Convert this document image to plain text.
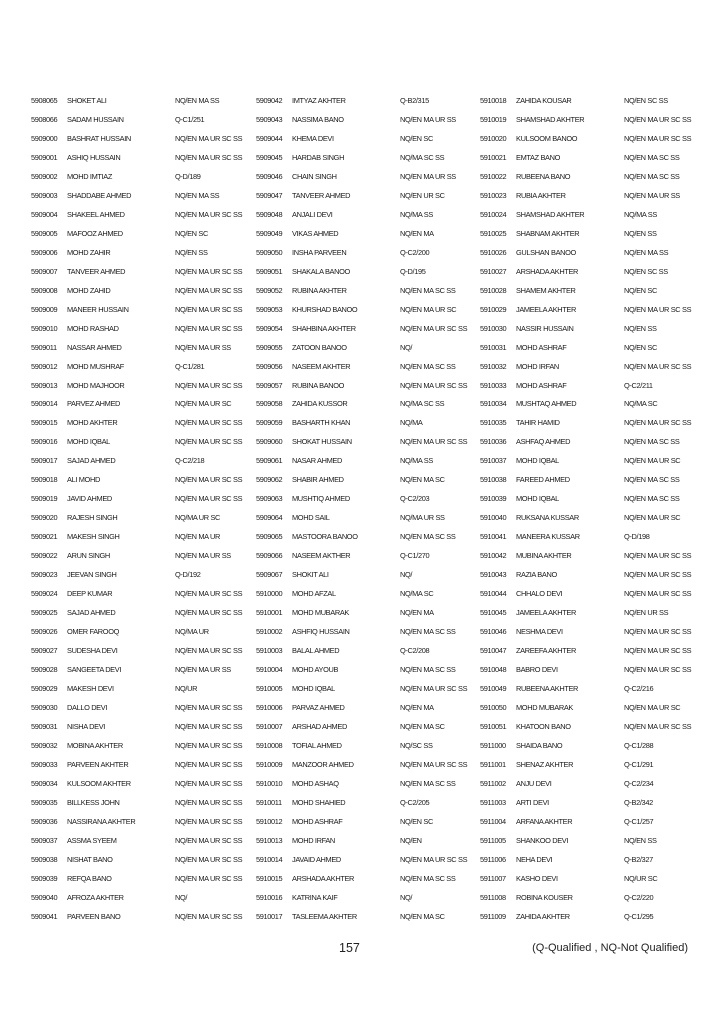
5908065	SHOKET ALI	NQ/EN MA SS
5908066	SADAM HUSSAIN	Q-C1/251
5909000	BASHRAT HUSSAIN	NQ/EN MA UR SC SS
5909001	ASHIQ HUSSAIN	NQ/EN MA UR SC SS
5909002	MOHD IMTIAZ	Q-D/189
5909003	SHADDABE AHMED	NQ/EN MA SS
5909004	SHAKEEL AHMED	NQ/EN MA UR SC SS
5909005	MAFOOZ AHMED	NQ/EN SC
5909006	MOHD ZAHIR	NQ/EN SS
5909007	TANVEER AHMED	NQ/EN MA UR SC SS
5909008	MOHD ZAHID	NQ/EN MA UR SC SS
5909009	MANEER HUSSAIN	NQ/EN MA UR SC SS
5909010	MOHD RASHAD	NQ/EN MA UR SC SS
5909011	NASSAR AHMED	NQ/EN MA UR SS
5909012	MOHD MUSHRAF	Q-C1/281
5909013	MOHD MAJHOOR	NQ/EN MA UR SC SS
5909014	PARVEZ AHMED	NQ/EN MA UR SC
5909015	MOHD AKHTER	NQ/EN MA UR SC SS
5909016	MOHD IQBAL	NQ/EN MA UR SC SS
5909017	SAJAD AHMED	Q-C2/218
5909018	ALI MOHD	NQ/EN MA UR SC SS
5909019	JAVID AHMED	NQ/EN MA UR SC SS
5909020	RAJESH SINGH	NQ/MA UR SC
5909021	MAKESH SINGH	NQ/EN MA UR
5909022	ARUN SINGH	NQ/EN MA UR SS
5909023	JEEVAN SINGH	Q-D/192
5909024	DEEP KUMAR	NQ/EN MA UR SC SS
5909025	SAJAD AHMED	NQ/EN MA UR SC SS
5909026	OMER FAROOQ	NQ/MA UR
5909027	SUDESHA DEVI	NQ/EN MA UR SC SS
5909028	SANGEETA DEVI	NQ/EN MA UR SS
5909029	MAKESH DEVI	NQ/UR
5909030	DALLO DEVI	NQ/EN MA UR SC SS
5909031	NISHA DEVI	NQ/EN MA UR SC SS
5909032	MOBINA AKHTER	NQ/EN MA UR SC SS
5909033	PARVEEN AKHTER	NQ/EN MA UR SC SS
5909034	KULSOOM AKHTER	NQ/EN MA UR SC SS
5909035	BILLKESS JOHN	NQ/EN MA UR SC SS
5909036	NASSIRANA AKHTER	NQ/EN MA UR SC SS
5909037	ASSMA SYEEM	NQ/EN MA UR SC SS
5909038	NISHAT BANO	NQ/EN MA UR SC SS
5909039	REFQA BANO	NQ/EN MA UR SC SS
5909040	AFROZA AKHTER	NQ/
5909041	PARVEEN BANO	NQ/EN MA UR SC SS
5909042	IMTYAZ AKHTER	Q-B2/315
5909043	NASSIMA BANO	NQ/EN MA UR SS
5909044	KHEMA DEVI	NQ/EN SC
5909045	HARDAB SINGH	NQ/MA SC SS
5909046	CHAIN SINGH	NQ/EN MA UR SS
5909047	TANVEER AHMED	NQ/EN UR SC
5909048	ANJALI DEVI	NQ/MA SS
5909049	VIKAS AHMED	NQ/EN MA
5909050	INSHA PARVEEN	Q-C2/200
5909051	SHAKALA BANOO	Q-D/195
5909052	RUBINA AKHTER	NQ/EN MA SC SS
5909053	KHURSHAD BANOO	NQ/EN MA UR SC
5909054	SHAHBINA AKHTER	NQ/EN MA UR SC SS
5909055	ZATOON BANOO	NQ/
5909056	NASEEM AKHTER	NQ/EN MA SC SS
5909057	RUBINA BANOO	NQ/EN MA UR SC SS
5909058	ZAHIDA KUSSOR	NQ/MA SC SS
5909059	BASHARTH KHAN	NQ/MA
5909060	SHOKAT HUSSAIN	NQ/EN MA UR SC SS
5909061	NASAR AHMED	NQ/MA SS
5909062	SHABIR AHMED	NQ/EN MA SC
5909063	MUSHTIQ AHMED	Q-C2/203
5909064	MOHD SAIL	NQ/MA UR SS
5909065	MASTOORA BANOO	NQ/EN MA SC SS
5909066	NASEEM AKTHER	Q-C1/270
5909067	SHOKIT ALI	NQ/
5910000	MOHD AFZAL	NQ/MA SC
5910001	MOHD MUBARAK	NQ/EN MA
5910002	ASHFIQ HUSSAIN	NQ/EN MA SC SS
5910003	BALAL AHMED	Q-C2/208
5910004	MOHD AYOUB	NQ/EN MA SC SS
5910005	MOHD IQBAL	NQ/EN MA UR SC SS
5910006	PARVAZ AHMED	NQ/EN MA
5910007	ARSHAD AHMED	NQ/EN MA SC
5910008	TOFIAL AHMED	NQ/SC SS
5910009	MANZOOR AHMED	NQ/EN MA UR SC SS
5910010	MOHD ASHAQ	NQ/EN MA SC SS
5910011	MOHD SHAHIED	Q-C2/205
5910012	MOHD ASHRAF	NQ/EN SC
5910013	MOHD IRFAN	NQ/EN
5910014	JAVAID AHMED	NQ/EN MA UR SC SS
5910015	ARSHADA AKHTER	NQ/EN MA SC SS
5910016	KATRINA KAIF	NQ/
5910017	TASLEEMA AKHTER	NQ/EN MA SC
5910018	ZAHIDA KOUSAR	NQ/EN SC SS
5910019	SHAMSHAD AKHTER	NQ/EN MA UR SC SS
5910020	KULSOOM BANOO	NQ/EN MA UR SC SS
5910021	EMTAZ BANO	NQ/EN MA SC SS
5910022	RUBEENA BANO	NQ/EN MA SC SS
5910023	RUBIA AKHTER	NQ/EN MA UR SS
5910024	SHAMSHAD AKHTER	NQ/MA SS
5910025	SHABNAM AKHTER	NQ/EN SS
5910026	GULSHAN BANOO	NQ/EN MA SS
5910027	ARSHADA AKHTER	NQ/EN SC SS
5910028	SHAMEM AKHTER	NQ/EN SC
5910029	JAMEELA AKHTER	NQ/EN MA UR SC SS
5910030	NASSIR HUSSAIN	NQ/EN SS
5910031	MOHD ASHRAF	NQ/EN SC
5910032	MOHD IRFAN	NQ/EN MA UR SC SS
5910033	MOHD ASHRAF	Q-C2/211
5910034	MUSHTAQ AHMED	NQ/MA SC
5910035	TAHIR HAMID	NQ/EN MA UR SC SS
5910036	ASHFAQ AHMED	NQ/EN MA SC SS
5910037	MOHD IQBAL	NQ/EN MA UR SC
5910038	FAREED AHMED	NQ/EN MA SC SS
5910039	MOHD IQBAL	NQ/EN MA SC SS
5910040	RUKSANA KUSSAR	NQ/EN MA UR SC
5910041	MANEERA KUSSAR	Q-D/198
5910042	MUBINA AKHTER	NQ/EN MA UR SC SS
5910043	RAZIA BANO	NQ/EN MA UR SC SS
5910044	CHHALO DEVI	NQ/EN MA UR SC SS
5910045	JAMEELA AKHTER	NQ/EN UR SS
5910046	NESHMA DEVI	NQ/EN MA UR SC SS
5910047	ZAREEFA AKHTER	NQ/EN MA UR SC SS
5910048	BABRO DEVI	NQ/EN MA UR SC SS
5910049	RUBEENA AKHTER	Q-C2/216
5910050	MOHD MUBARAK	NQ/EN MA UR SC
5910051	KHATOON BANO	NQ/EN MA UR SC SS
5911000	SHAIDA BANO	Q-C1/288
5911001	SHENAZ AKHTER	Q-C1/291
5911002	ANJU DEVI	Q-C2/234
5911003	ARTI DEVI	Q-B2/342
5911004	ARFANA AKHTER	Q-C1/257
5911005	SHANKOO DEVI	NQ/EN SS
5911006	NEHA DEVI	Q-B2/327
5911007	KASHO DEVI	NQ/UR SC
5911008	ROBINA KOUSER	Q-C2/220
5911009	ZAHIDA AKHTER	Q-C1/295
157	(Q-Qualified , NQ-Not Qualified)
